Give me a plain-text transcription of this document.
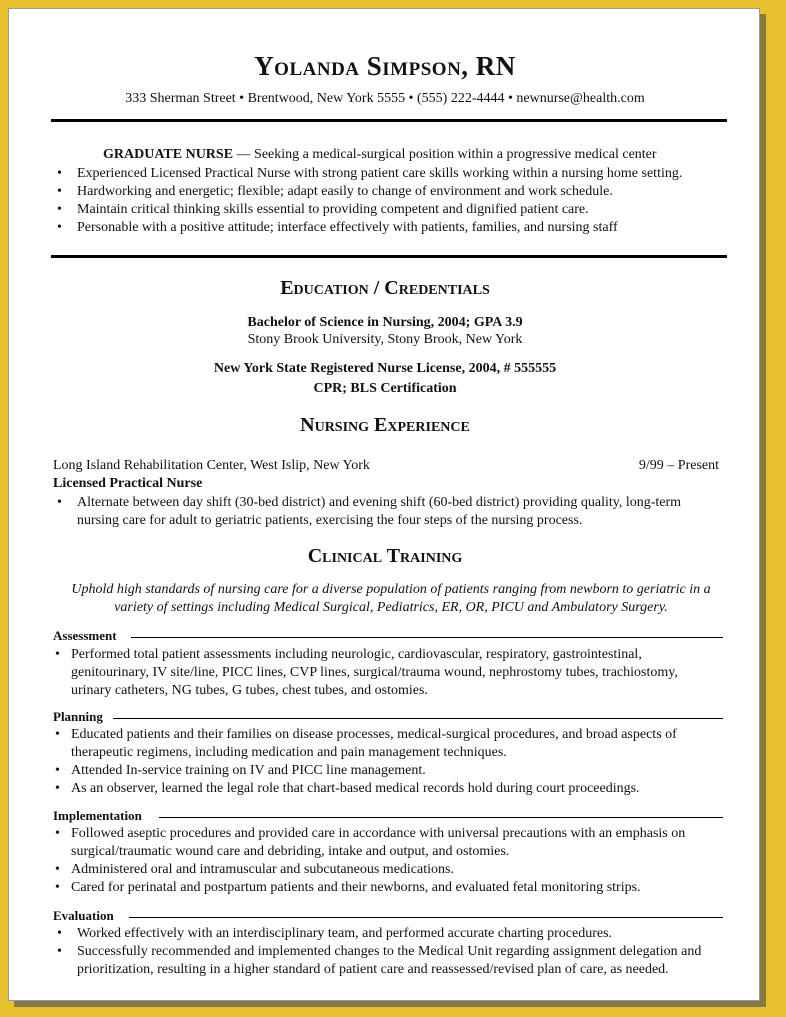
Yolanda Simpson, RN
333 Sherman Street • Brentwood, New York 5555 • (555) 222-4444 • newnurse@health.com
GRADUATE NURSE — Seeking a medical-surgical position within a progressive medical center
• Experienced Licensed Practical Nurse with strong patient care skills working within a nursing home setting.
• Hardworking and energetic; flexible; adapt easily to change of environment and work schedule.
• Maintain critical thinking skills essential to providing competent and dignified patient care.
• Personable with a positive attitude; interface effectively with patients, families, and nursing staff
Education / Credentials
Bachelor of Science in Nursing, 2004; GPA 3.9
Stony Brook University, Stony Brook, New York
New York State Registered Nurse License, 2004, # 555555
CPR; BLS Certification
Nursing Experience
Long Island Rehabilitation Center, West Islip, New York	9/99 – Present
Licensed Practical Nurse
• Alternate between day shift (30-bed district) and evening shift (60-bed district) providing quality, long-term nursing care for adult to geriatric patients, exercising the four steps of the nursing process.
Clinical Training
Uphold high standards of nursing care for a diverse population of patients ranging from newborn to geriatric in a variety of settings including Medical Surgical, Pediatrics, ER, OR, PICU and Ambulatory Surgery.
Assessment
• Performed total patient assessments including neurologic, cardiovascular, respiratory, gastrointestinal, genitourinary, IV site/line, PICC lines, CVP lines, surgical/trauma wound, nephrostomy tubes, trachiostomy, urinary catheters, NG tubes, G tubes, chest tubes, and ostomies.
Planning
• Educated patients and their families on disease processes, medical-surgical procedures, and broad aspects of therapeutic regimens, including medication and pain management techniques.
• Attended In-service training on IV and PICC line management.
• As an observer, learned the legal role that chart-based medical records hold during court proceedings.
Implementation
• Followed aseptic procedures and provided care in accordance with universal precautions with an emphasis on surgical/traumatic wound care and debriding, intake and output, and ostomies.
• Administered oral and intramuscular and subcutaneous medications.
• Cared for perinatal and postpartum patients and their newborns, and evaluated fetal monitoring strips.
Evaluation
• Worked effectively with an interdisciplinary team, and performed accurate charting procedures.
• Successfully recommended and implemented changes to the Medical Unit regarding assignment delegation and prioritization, resulting in a higher standard of patient care and reassessed/revised plan of care, as needed.
